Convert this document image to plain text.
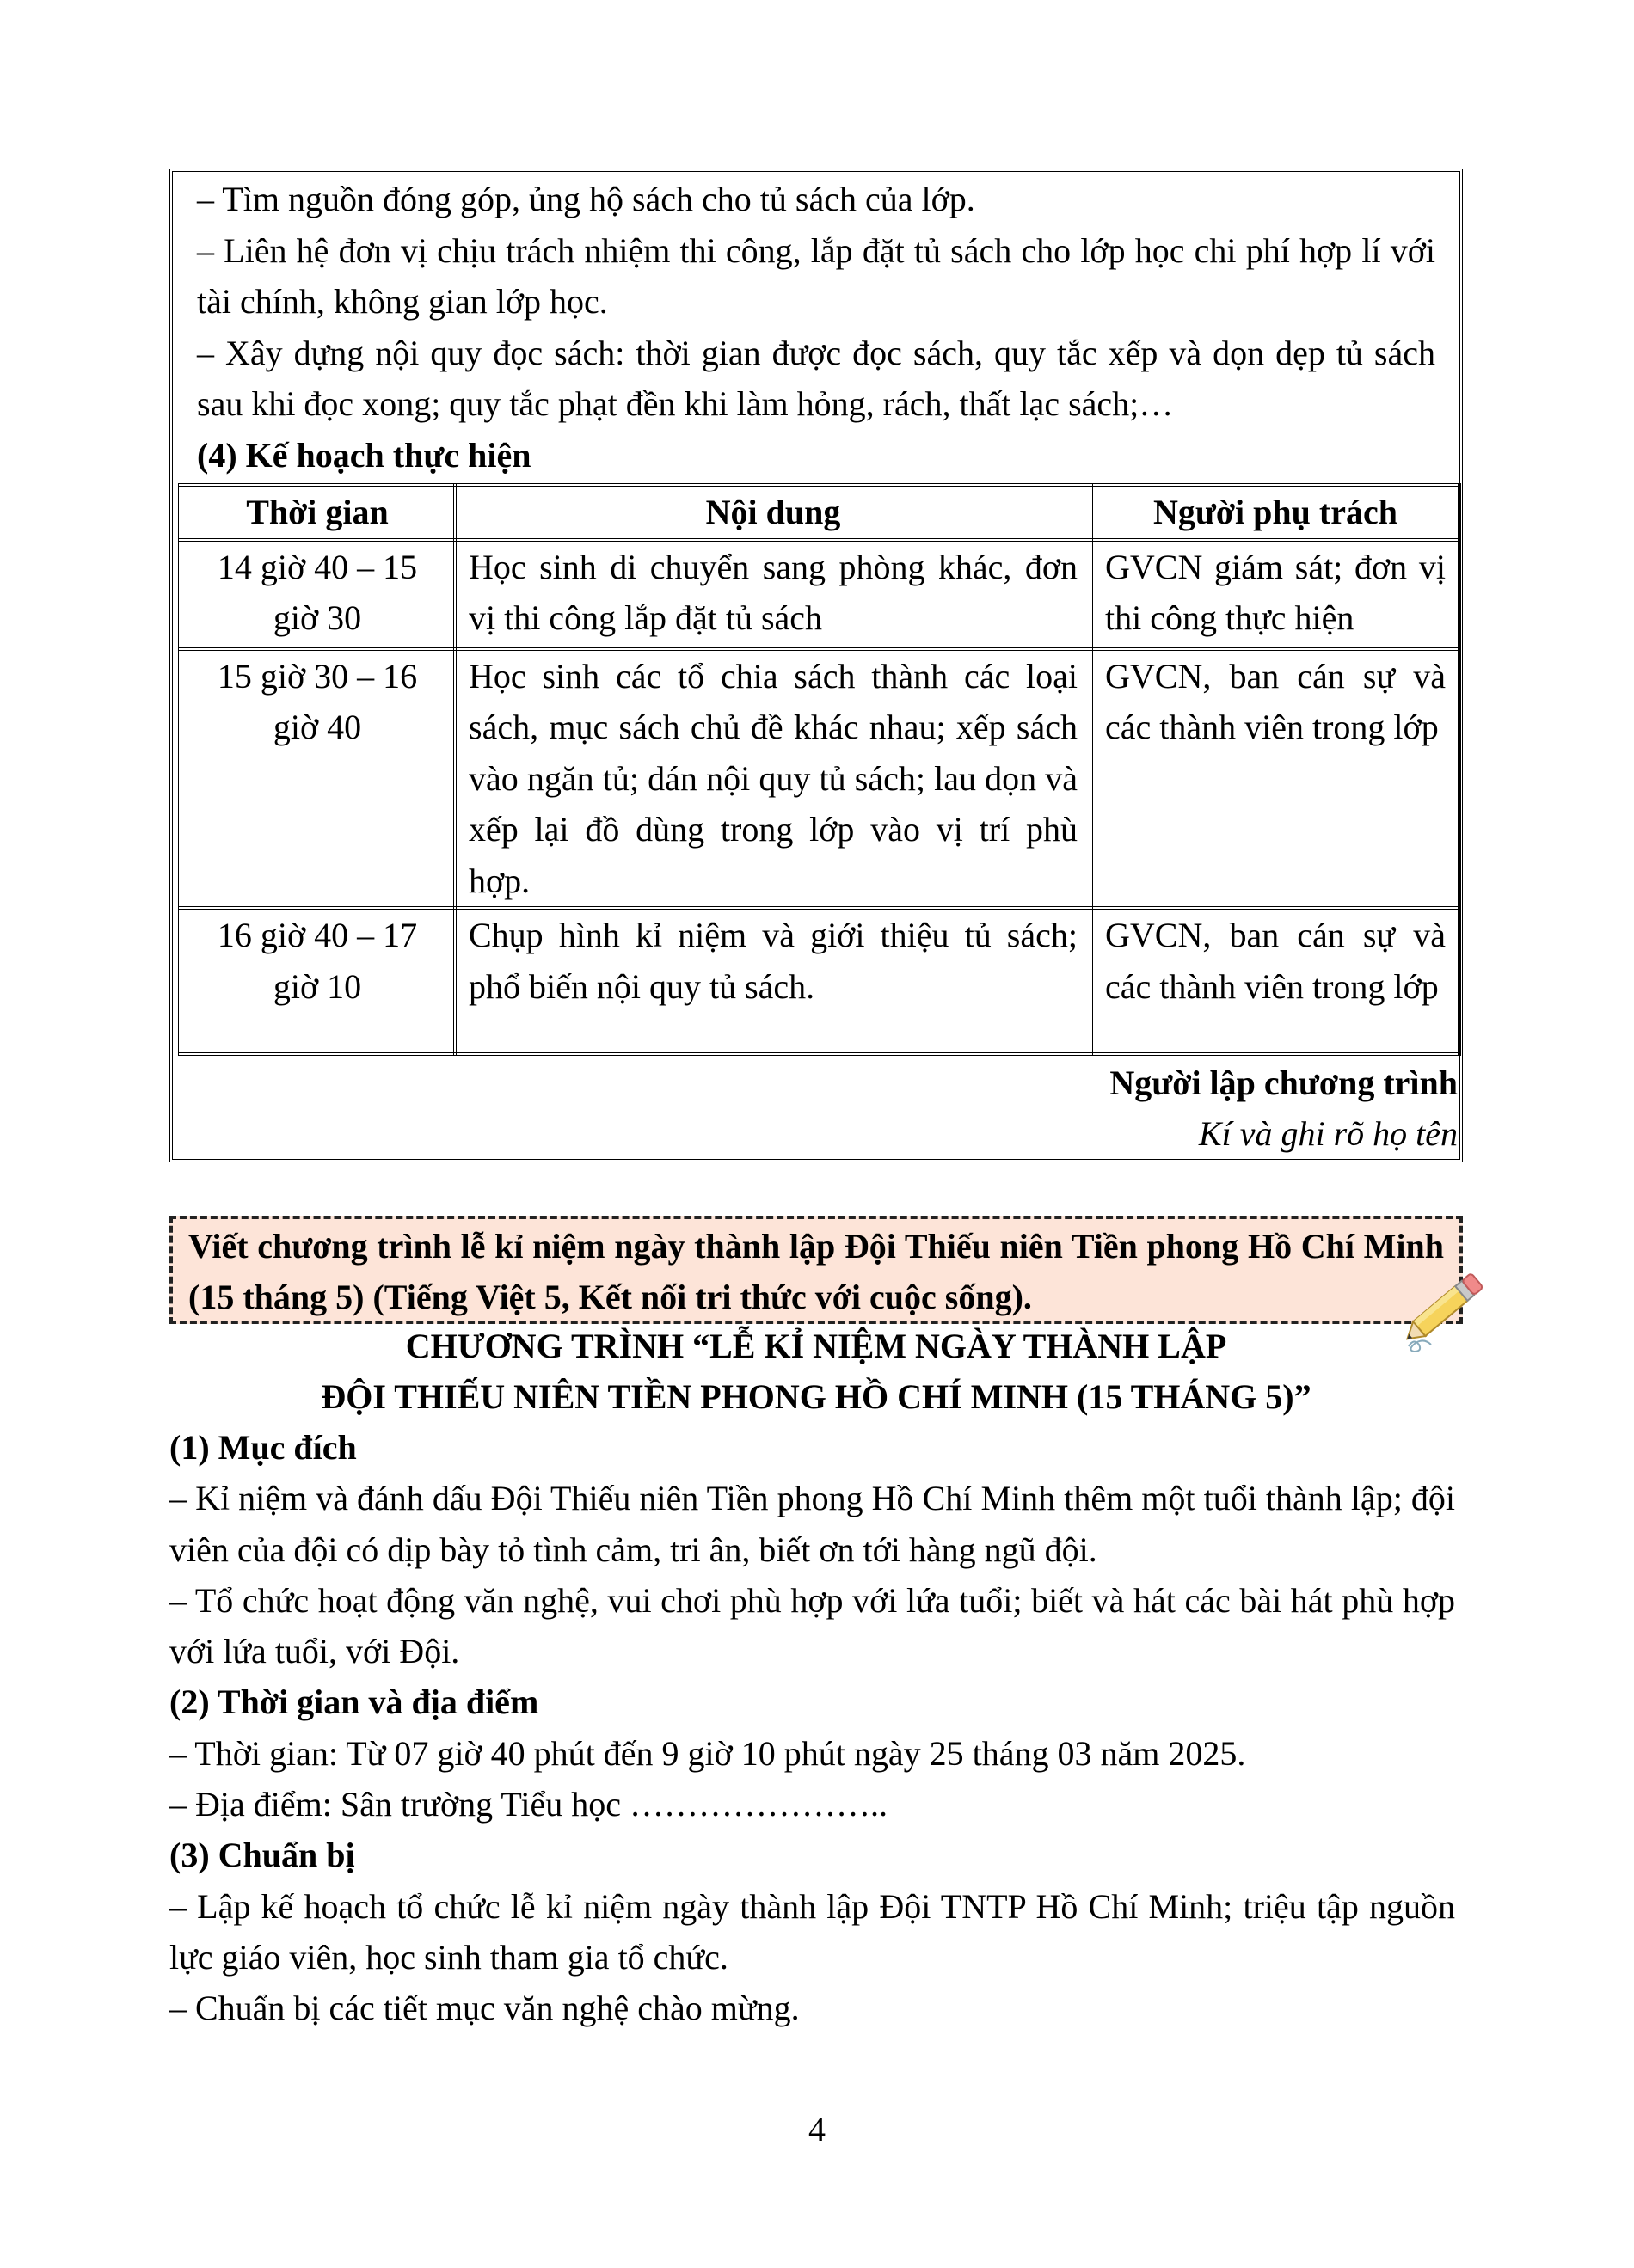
– Tìm nguồn đóng góp, ủng hộ sách cho tủ sách của lớp.

– Liên hệ đơn vị chịu trách nhiệm thi công, lắp đặt tủ sách cho lớp học chi phí hợp lí với tài chính, không gian lớp học.

– Xây dựng nội quy đọc sách: thời gian được đọc sách, quy tắc xếp và dọn dẹp tủ sách sau khi đọc xong; quy tắc phạt đền khi làm hỏng, rách, thất lạc sách;…

(4) Kế hoạch thực hiện

Thời gian	Nội dung	Người phụ trách
14 giờ 40 – 15 giờ 30	Học sinh di chuyển sang phòng khác, đơn vị thi công lắp đặt tủ sách	GVCN giám sát; đơn vị thi công thực hiện
15 giờ 30 – 16 giờ 40	Học sinh các tổ chia sách thành các loại sách, mục sách chủ đề khác nhau; xếp sách vào ngăn tủ; dán nội quy tủ sách; lau dọn và xếp lại đồ dùng trong lớp vào vị trí phù hợp.	GVCN, ban cán sự và các thành viên trong lớp
16 giờ 40 – 17 giờ 10	Chụp hình kỉ niệm và giới thiệu tủ sách; phổ biến nội quy tủ sách.	GVCN, ban cán sự và các thành viên trong lớp
Người lập chương trình
Kí và ghi rõ họ tên
Viết chương trình lễ kỉ niệm ngày thành lập Đội Thiếu niên Tiền phong Hồ Chí Minh (15 tháng 5) (Tiếng Việt 5, Kết nối tri thức với cuộc sống).
CHƯƠNG TRÌNH “LỄ KỈ NIỆM NGÀY THÀNH LẬP
ĐỘI THIẾU NIÊN TIỀN PHONG HỒ CHÍ MINH (15 THÁNG 5)”

(1) Mục đích

– Kỉ niệm và đánh dấu Đội Thiếu niên Tiền phong Hồ Chí Minh thêm một tuổi thành lập; đội viên của đội có dịp bày tỏ tình cảm, tri ân, biết ơn tới hàng ngũ đội.

– Tổ chức hoạt động văn nghệ, vui chơi phù hợp với lứa tuổi; biết và hát các bài hát phù hợp với lứa tuổi, với Đội.

(2) Thời gian và địa điểm

– Thời gian: Từ 07 giờ 40 phút đến 9 giờ 10 phút ngày 25 tháng 03 năm 2025.

– Địa điểm: Sân trường Tiểu học …………………..

(3) Chuẩn bị

– Lập kế hoạch tổ chức lễ kỉ niệm ngày thành lập Đội TNTP Hồ Chí Minh; triệu tập nguồn lực giáo viên, học sinh tham gia tổ chức.

– Chuẩn bị các tiết mục văn nghệ chào mừng.

4
